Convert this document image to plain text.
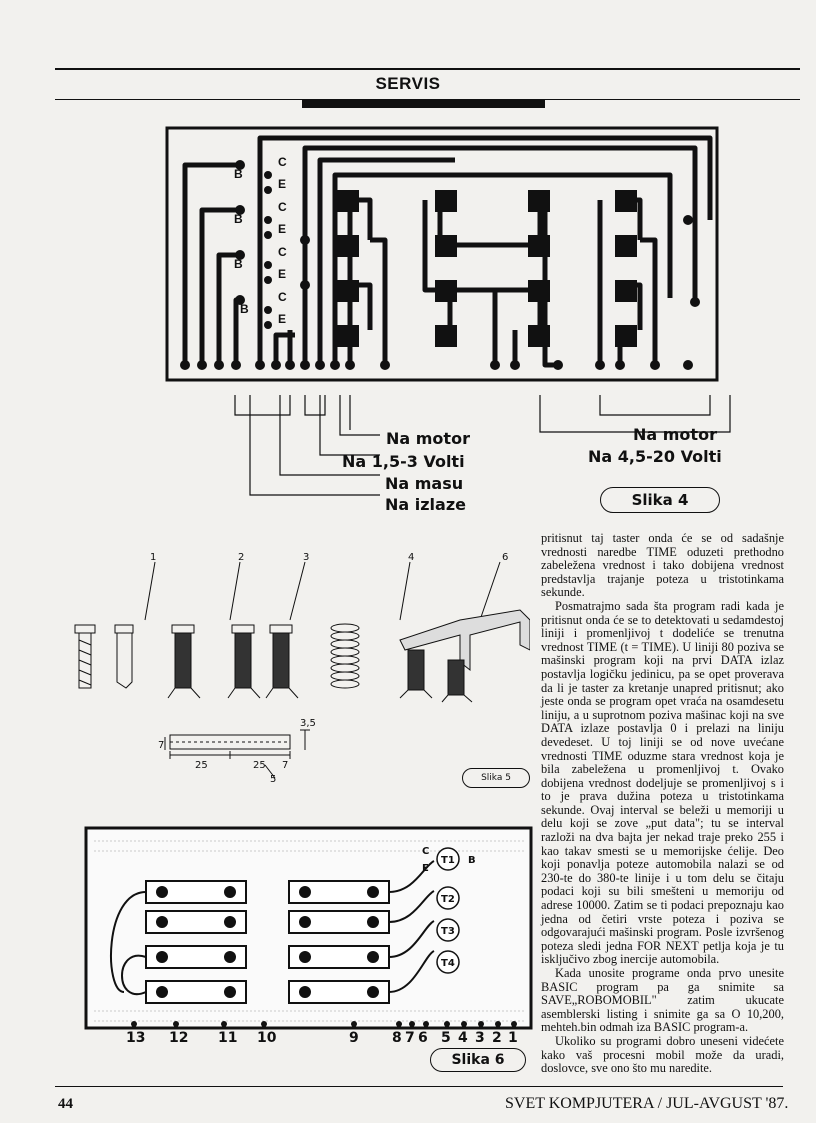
SERVIS
B
C
E
B
C
E
B
C
E
B
C
E
Na motor
Na 1,5-3 Volti
Na masu
Na izlaze
Na motor
Na 4,5-20 Volti
Slika 4
1	2	3	4	6
5
25	25 7
3,5
7
Slika 5
T1
T2
T3
T4
C
B
E
13 12 11 10	9 8 7 6 5 4 3 2 1
Slika 6

pritisnut taj taster onda će se od sadašnje vrednosti naredbe TIME oduzeti prethodno zabeležena vrednost i tako dobijena vrednost predstavlja trajanje poteza u tristotinkama sekunde.

Posmatrajmo sada šta program radi kada je pritisnut onda će se to detektovati u sedamdestoj liniji i promenljivoj t dodeliće se trenutna vrednost TIME (t = TIME). U liniji 80 poziva se mašinski program koji na prvi DATA izlaz postavlja logičku jedinicu, pa se opet proverava da li je taster za kretanje unapred pritisnut; ako jeste onda se program opet vraća na osamdesetu liniju, a u suprotnom poziva mašinac koji na sve DATA izlaze postavlja 0 i prelazi na liniju devedeset. U toj liniji se od nove uvećane vrednosti TIME oduzme stara vrednost koja je bila zabeležena u promenljivoj t. Ovako dobijena vrednost dodeljuje se promenljivoj s i to je prava dužina poteza u tristotinkama sekunde. Ovaj interval se beleži u memoriji u delu koji se zove „put data"; tu se interval razloži na dva bajta jer nekad traje preko 255 i kao takav smesti se u memorijske ćelije. Deo koji ponavlja poteze automobila nalazi se od 230-te do 380-te linije i u tom delu se čitaju podaci koji su bili smešteni u memoriju od adrese 10000. Zatim se ti podaci prepoznaju kao jedna od četiri vrste poteza i poziva se odgovarajući mašinski program. Posle izvršenog poteza sledi jedna FOR NEXT petlja koja je tu isključivo zbog inercije automobila.

Kada unosite programe onda prvo unesite BASIC program pa ga snimite sa SAVE„ROBOMOBIL" zatim ukucate asemblerski listing i snimite ga sa O 10,200, mehteh.bin odmah iza BASIC program-a.

Ukoliko su programi dobro uneseni videćete kako vaš procesni mobil može da uradi, doslovce, sve ono što mu naredite.

44	SVET KOMPJUTERA / JUL-AVGUST '87.
